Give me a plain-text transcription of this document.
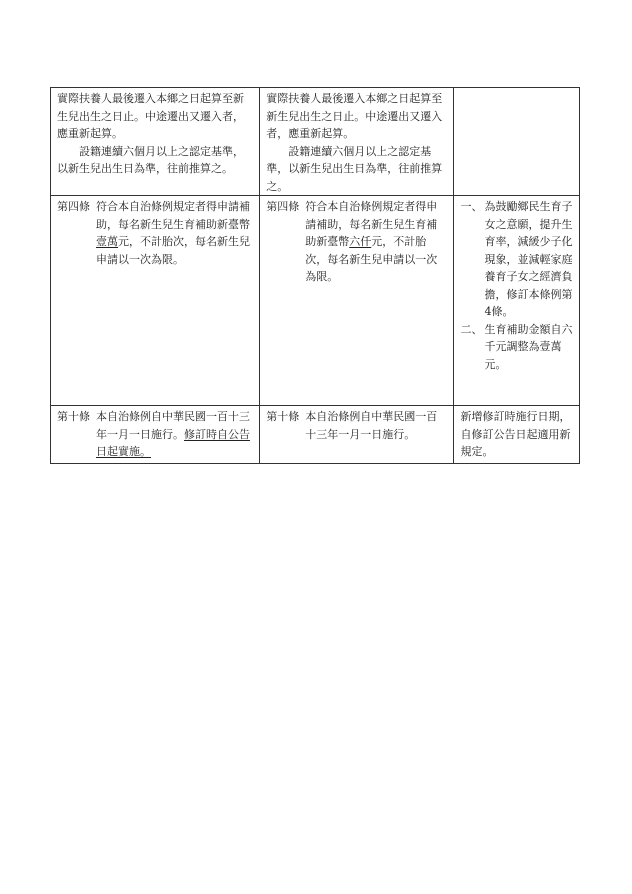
實際扶養人最後遷入本鄉之日起算至新生兒出生之日止。中途遷出又遷入者，應重新起算。

設籍連續六個月以上之認定基準，以新生兒出生日為準，往前推算之。

實際扶養人最後遷入本鄉之日起算至新生兒出生之日止。中途遷出又遷入者，應重新起算。

設籍連續六個月以上之認定基準，以新生兒出生日為準，往前推算之。

第四條 符合本自治條例規定者得申請補助，每名新生兒生育補助新臺幣壹萬元，不計胎次，每名新生兒申請以一次為限。
第四條 符合本自治條例規定者得申請補助，每名新生兒生育補助新臺幣六仟元，不計胎次，每名新生兒申請以一次為限。
一、 為鼓勵鄉民生育子女之意願，提升生育率，減緩少子化現象，並減輕家庭養育子女之經濟負擔，修訂本條例第4條。
二、 生育補助金額自六千元調整為壹萬元。
第十條 本自治條例自中華民國一百十三年一月一日施行。修訂時自公告日起實施。
第十條 本自治條例自中華民國一百十三年一月一日施行。
新增修訂時施行日期，自修訂公告日起適用新規定。
